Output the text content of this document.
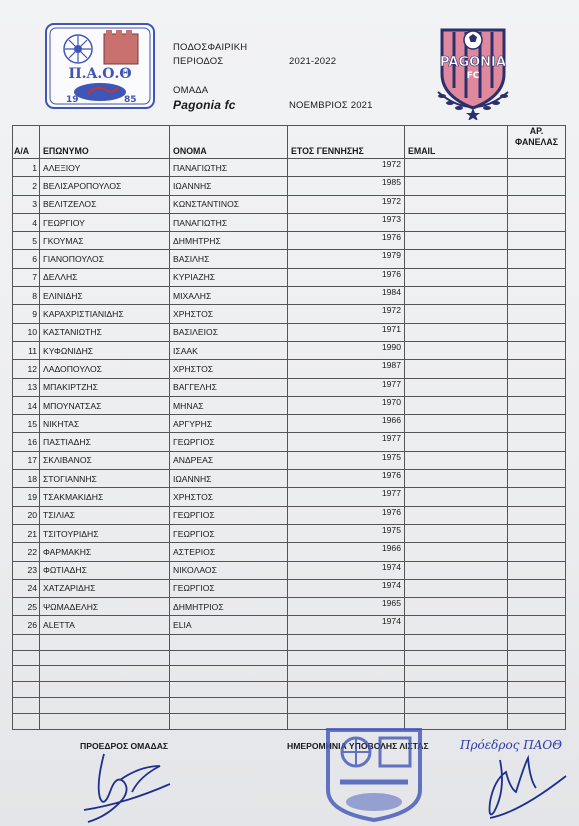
Π.Α.Ο.Θ
19	85
ΠΟΔΟΣΦΑΙΡΙΚΗ
ΠΕΡΙΟΔΟΣ	2021-2022
ΟΜΑΔΑ
Pagonia fc	ΝΟΕΜΒΡΙΟΣ 2021
PAGONIA
FC
Α/Α	ΕΠΩΝΥΜΟ	ΟΝΟΜΑ	ΕΤΟΣ ΓΕΝΝΗΣΗΣ	EMAIL	ΑΡ. ΦΑΝΕΛΑΣ
1	ΑΛΕΞΙΟΥ	ΠΑΝΑΓΙΩΤΗΣ	1972		
2	ΒΕΛΙΣΑΡΟΠΟΥΛΟΣ	ΙΩΑΝΝΗΣ	1985		
3	ΒΕΛΙΤΖΕΛΟΣ	ΚΩΝΣΤΑΝΤΙΝΟΣ	1972		
4	ΓΕΩΡΓΙΟΥ	ΠΑΝΑΓΙΩΤΗΣ	1973		
5	ΓΚΟΥΜΑΣ	ΔΗΜΗΤΡΗΣ	1976		
6	ΓΙΑΝΟΠΟΥΛΟΣ	ΒΑΣΙΛΗΣ	1979		
7	ΔΕΛΛΗΣ	ΚΥΡΙΑΖΗΣ	1976		
8	ΕΛΙΝΙΔΗΣ	ΜΙΧΑΛΗΣ	1984		
9	ΚΑΡΑΧΡΙΣΤΙΑΝΙΔΗΣ	ΧΡΗΣΤΟΣ	1972		
10	ΚΑΣΤΑΝΙΩΤΗΣ	ΒΑΣΙΛΕΙΟΣ	1971		
11	ΚΥΦΩΝΙΔΗΣ	ΙΣΑΑΚ	1990		
12	ΛΑΔΟΠΟΥΛΟΣ	ΧΡΗΣΤΟΣ	1987		
13	ΜΠΑΚΙΡΤΖΗΣ	ΒΑΓΓΕΛΗΣ	1977		
14	ΜΠΟΥΝΑΤΣΑΣ	ΜΗΝΑΣ	1970		
15	ΝΙΚΗΤΑΣ	ΑΡΓΥΡΗΣ	1966		
16	ΠΑΣΤΙΑΔΗΣ	ΓΕΩΡΓΙΟΣ	1977		
17	ΣΚΛΙΒΑΝΟΣ	ΑΝΔΡΕΑΣ	1975		
18	ΣΤΟΓΙΑΝΝΗΣ	ΙΩΑΝΝΗΣ	1976		
19	ΤΣΑΚΜΑΚΙΔΗΣ	ΧΡΗΣΤΟΣ	1977		
20	ΤΣΙΛΙΑΣ	ΓΕΩΡΓΙΟΣ	1976		
21	ΤΣΙΤΟΥΡΙΔΗΣ	ΓΕΩΡΓΙΟΣ	1975		
22	ΦΑΡΜΑΚΗΣ	ΑΣΤΕΡΙΟΣ	1966		
23	ΦΩΤΙΑΔΗΣ	ΝΙΚΟΛΑΟΣ	1974		
24	ΧΑΤΖΑΡΙΔΗΣ	ΓΕΩΡΓΙΟΣ	1974		
25	ΨΩΜΑΔΕΛΗΣ	ΔΗΜΗΤΡΙΟΣ	1965		
26	ALETTA	ELIA	1974		

ΠΡΟΕΔΡΟΣ ΟΜΑΔΑΣ	ΗΜΕΡΟΜΗΝΙΑ ΥΠΟΒΟΛΗΣ ΛΙΣΤΑΣ	Πρόεδρος ΠΑΟΘ
